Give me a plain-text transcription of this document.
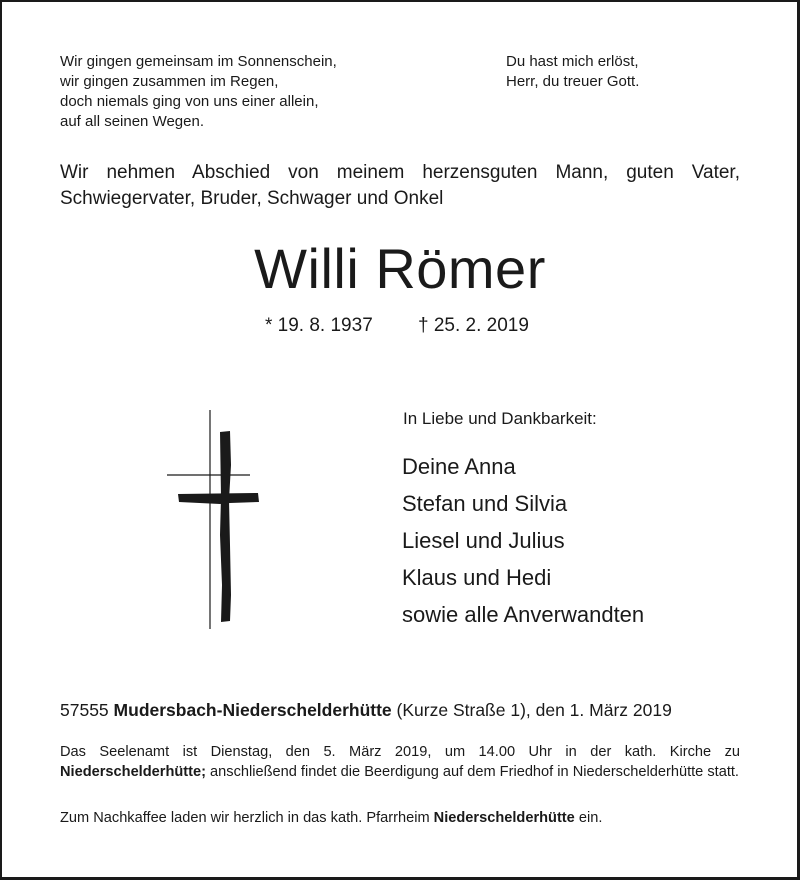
Wir gingen gemeinsam im Sonnenschein,
wir gingen zusammen im Regen,
doch niemals ging von uns einer allein,
auf all seinen Wegen.
Du hast mich erlöst,
Herr, du treuer Gott.
Wir nehmen Abschied von meinem herzensguten Mann, guten Vater,
Schwiegervater, Bruder, Schwager und Onkel
Willi Römer
* 19. 8. 1937 † 25. 2. 2019
In Liebe und Dankbarkeit:
Deine Anna
Stefan und Silvia
Liesel und Julius
Klaus und Hedi
sowie alle Anverwandten
57555 Mudersbach-Niederschelderhütte (Kurze Straße 1), den 1. März 2019
Das Seelenamt ist Dienstag, den 5. März 2019, um 14.00 Uhr in der kath. Kirche zu Niederschelderhütte; anschließend findet die Beerdigung auf dem Friedhof in Niederschelderhütte statt.
Zum Nachkaffee laden wir herzlich in das kath. Pfarrheim Niederschelderhütte ein.
